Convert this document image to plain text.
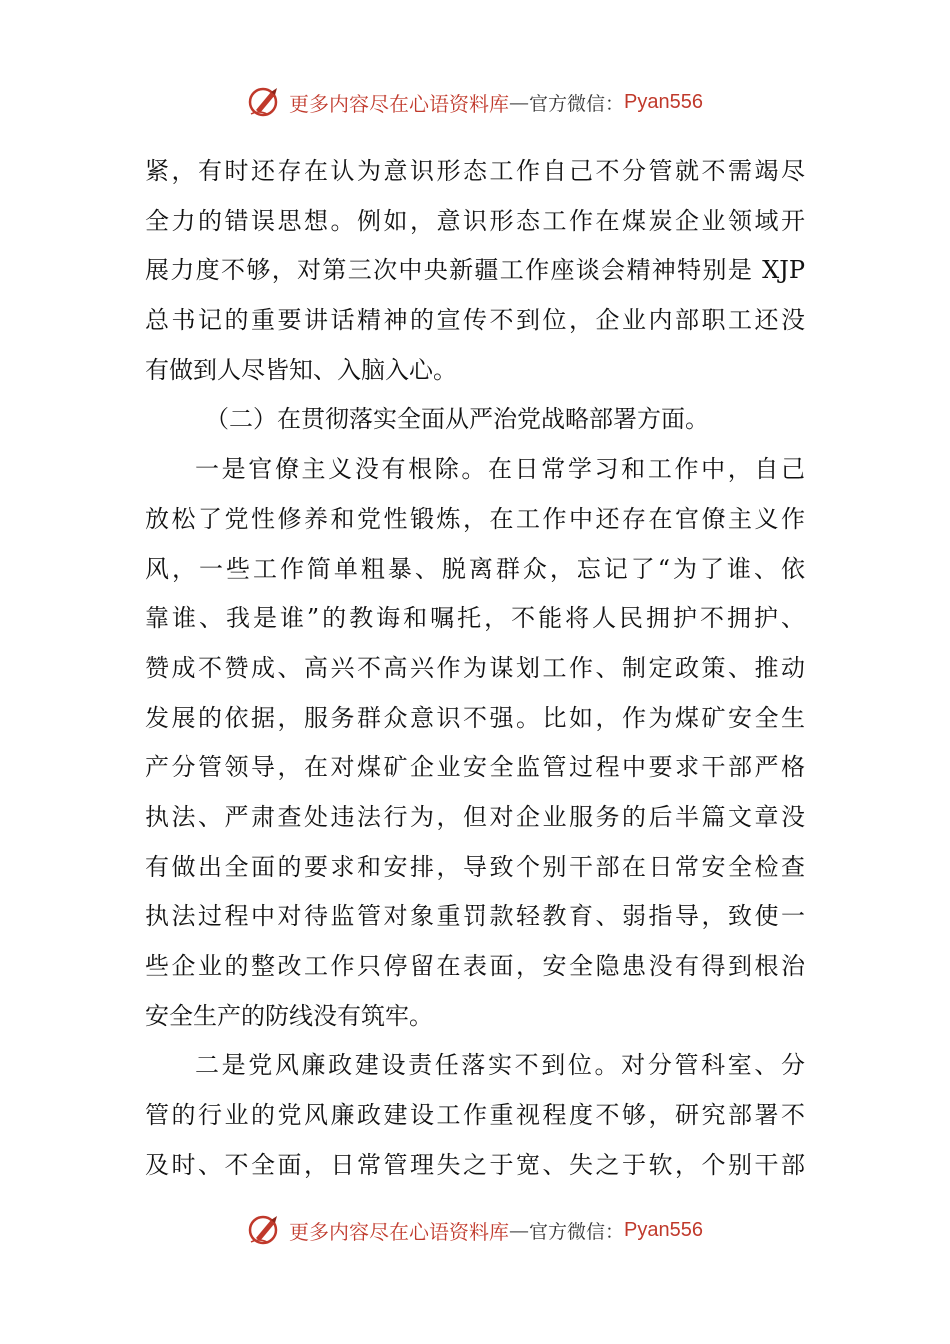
更多内容尽在心语资料库 — 官方微信： Pyan556
紧，有时还存在认为意识形态工作自己不分管就不需竭尽
全力的错误思想。例如，意识形态工作在煤炭企业领域开
展力度不够，对第三次中央新疆工作座谈会精神特别是 XJP
总书记的重要讲话精神的宣传不到位，企业内部职工还没
有做到人尽皆知、入脑入心。
（二）在贯彻落实全面从严治党战略部署方面。
一是官僚主义没有根除。在日常学习和工作中，自己
放松了党性修养和党性锻炼，在工作中还存在官僚主义作
风，一些工作简单粗暴、脱离群众，忘记了“为了谁、依
靠谁、我是谁”的教诲和嘱托，不能将人民拥护不拥护、
赞成不赞成、高兴不高兴作为谋划工作、制定政策、推动
发展的依据，服务群众意识不强。比如，作为煤矿安全生
产分管领导，在对煤矿企业安全监管过程中要求干部严格
执法、严肃查处违法行为，但对企业服务的后半篇文章没
有做出全面的要求和安排，导致个别干部在日常安全检查
执法过程中对待监管对象重罚款轻教育、弱指导，致使一
些企业的整改工作只停留在表面，安全隐患没有得到根治
安全生产的防线没有筑牢。
二是党风廉政建设责任落实不到位。对分管科室、分
管的行业的党风廉政建设工作重视程度不够，研究部署不
及时、不全面，日常管理失之于宽、失之于软，个别干部
更多内容尽在心语资料库 — 官方微信： Pyan556
